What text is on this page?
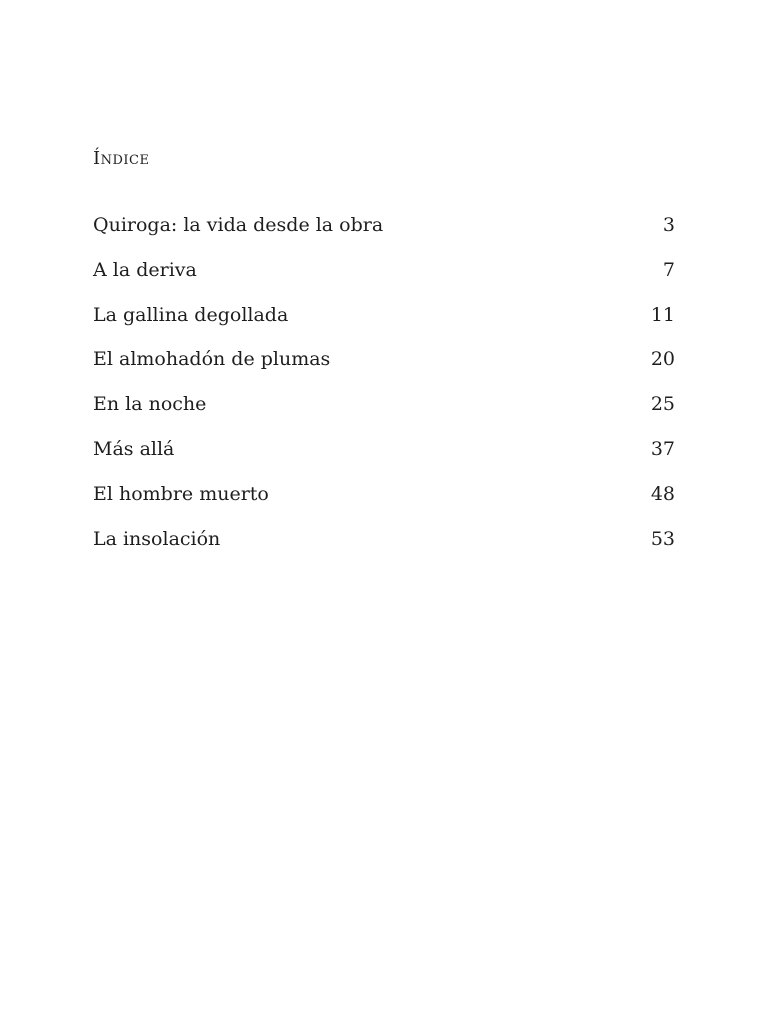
Índice
Quiroga: la vida desde la obra	3
A la deriva	7
La gallina degollada	11
El almohadón de plumas	20
En la noche	25
Más allá	37
El hombre muerto	48
La insolación	53
